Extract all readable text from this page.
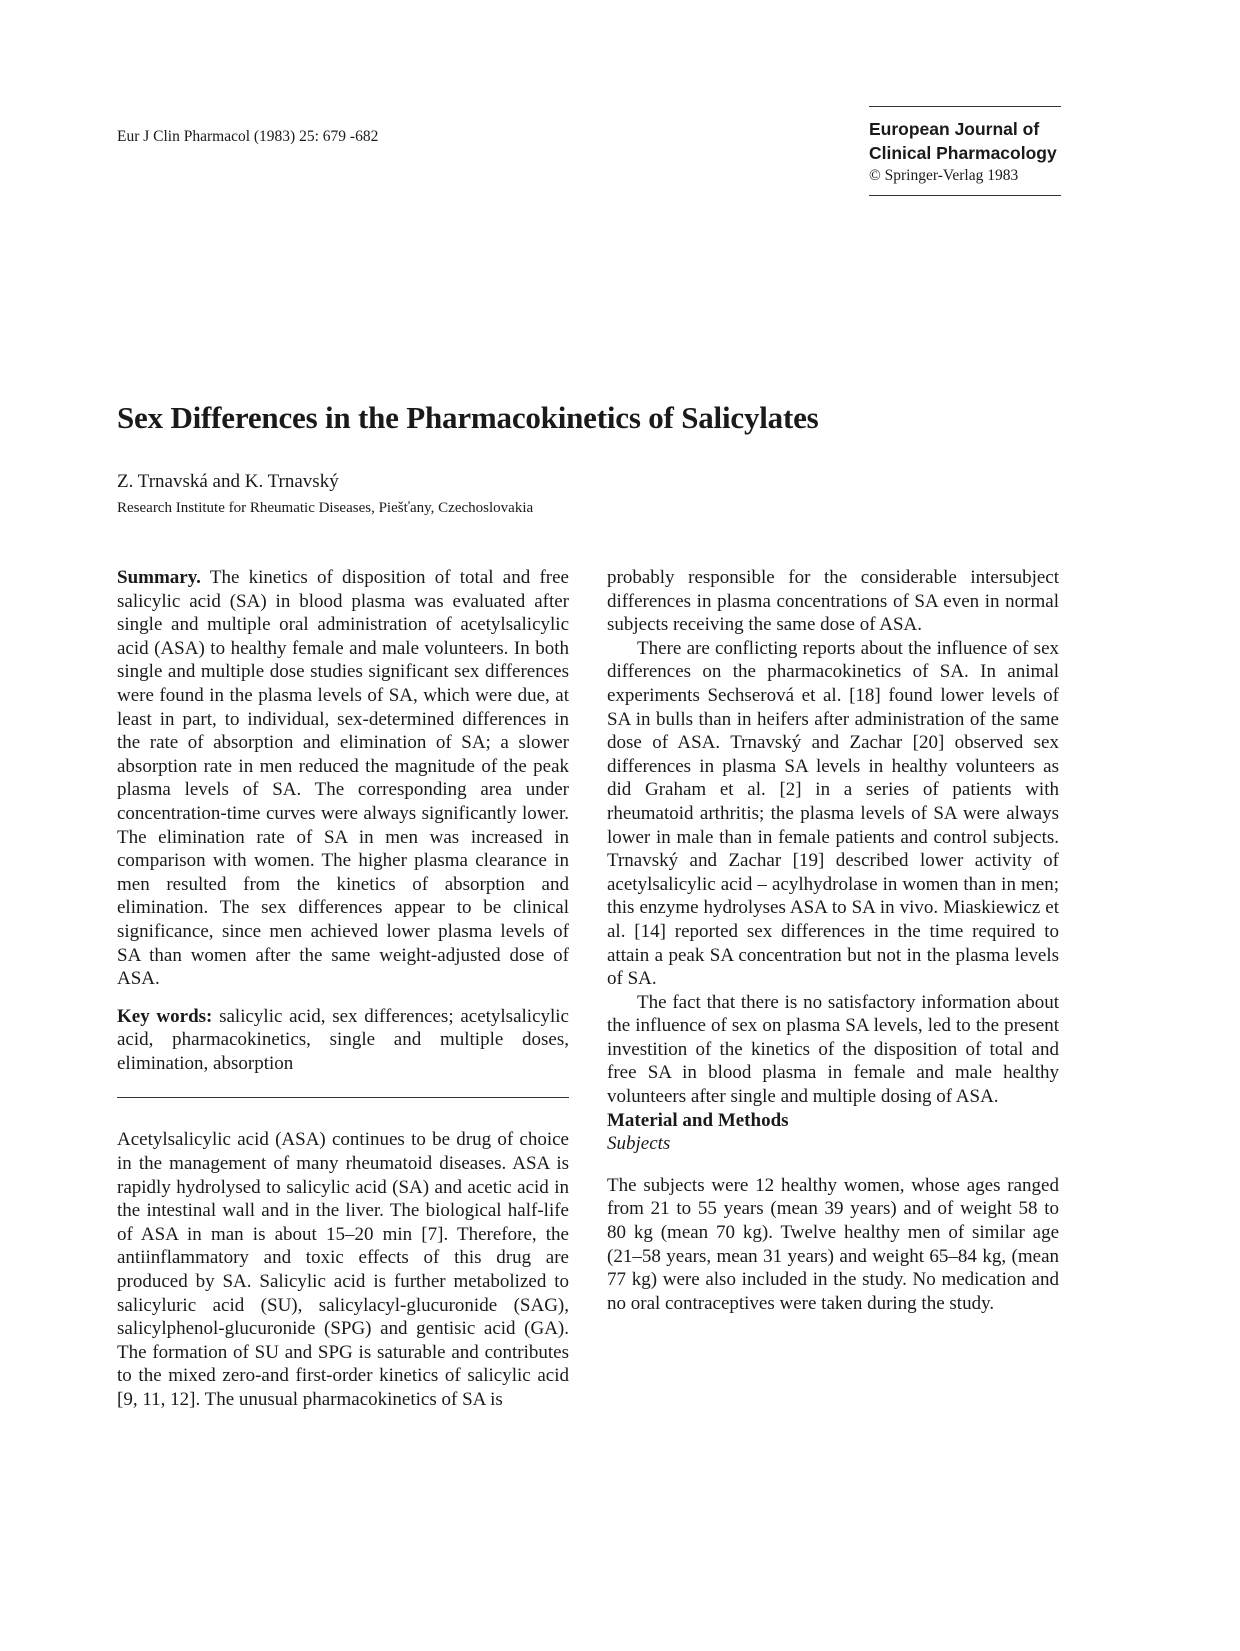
Eur J Clin Pharmacol (1983) 25: 679 -682	European Journal of
Clinical Pharmacology
© Springer-Verlag 1983
Sex Differences in the Pharmacokinetics of Salicylates
Z. Trnavská and K. Trnavský
Research Institute for Rheumatic Diseases, Piešťany, Czechoslovakia

Summary. The kinetics of disposition of total and free salicylic acid (SA) in blood plasma was evaluated after single and multiple oral administration of acetylsalicylic acid (ASA) to healthy female and male volunteers. In both single and multiple dose studies significant sex differences were found in the plasma levels of SA, which were due, at least in part, to individual, sex-determined differences in the rate of absorption and elimination of SA; a slower absorption rate in men reduced the magnitude of the peak plasma levels of SA. The corresponding area under concentration-time curves were always significantly lower. The elimination rate of SA in men was increased in comparison with women. The higher plasma clearance in men resulted from the kinetics of absorption and elimination. The sex differences appear to be clinical significance, since men achieved lower plasma levels of SA than women after the same weight-adjusted dose of ASA.

Key words: salicylic acid, sex differences; acetylsalicylic acid, pharmacokinetics, single and multiple doses, elimination, absorption

Acetylsalicylic acid (ASA) continues to be drug of choice in the management of many rheumatoid diseases. ASA is rapidly hydrolysed to salicylic acid (SA) and acetic acid in the intestinal wall and in the liver. The biological half-life of ASA in man is about 15–20 min [7]. Therefore, the antiinflammatory and toxic effects of this drug are produced by SA. Salicylic acid is further metabolized to salicyluric acid (SU), salicylacyl-glucuronide (SAG), salicylphenol-glucuronide (SPG) and gentisic acid (GA). The formation of SU and SPG is saturable and contributes to the mixed zero-and first-order kinetics of salicylic acid [9, 11, 12]. The unusual pharmacokinetics of SA is

probably responsible for the considerable intersubject differences in plasma concentrations of SA even in normal subjects receiving the same dose of ASA.

There are conflicting reports about the influence of sex differences on the pharmacokinetics of SA. In animal experiments Sechserová et al. [18] found lower levels of SA in bulls than in heifers after administration of the same dose of ASA. Trnavský and Zachar [20] observed sex differences in plasma SA levels in healthy volunteers as did Graham et al. [2] in a series of patients with rheumatoid arthritis; the plasma levels of SA were always lower in male than in female patients and control subjects. Trnavský and Zachar [19] described lower activity of acetylsalicylic acid – acylhydrolase in women than in men; this enzyme hydrolyses ASA to SA in vivo. Miaskiewicz et al. [14] reported sex differences in the time required to attain a peak SA concentration but not in the plasma levels of SA.

The fact that there is no satisfactory information about the influence of sex on plasma SA levels, led to the present investition of the kinetics of the disposition of total and free SA in blood plasma in female and male healthy volunteers after single and multiple dosing of ASA.

Material and Methods

Subjects

The subjects were 12 healthy women, whose ages ranged from 21 to 55 years (mean 39 years) and of weight 58 to 80 kg (mean 70 kg). Twelve healthy men of similar age (21–58 years, mean 31 years) and weight 65–84 kg, (mean 77 kg) were also included in the study. No medication and no oral contraceptives were taken during the study.
